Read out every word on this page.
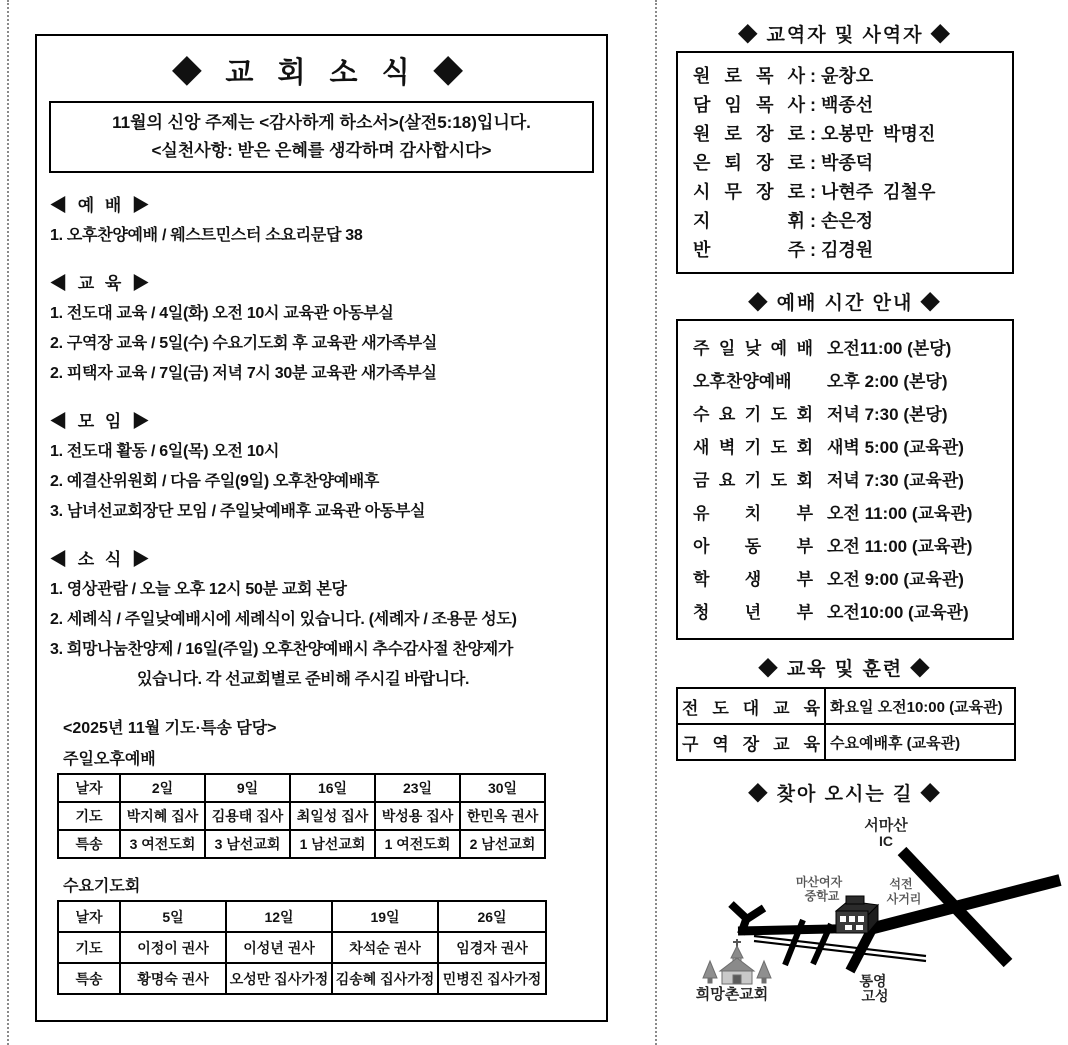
◆ 교 회 소 식 ◆
11월의 신앙 주제는 <감사하게 하소서>(살전5:18)입니다.
<실천사항: 받은 은혜를 생각하며 감사합시다>
◀ 예 배 ▶
1. 오후찬양예배 / 웨스트민스터 소요리문답 38
◀ 교 육 ▶
1. 전도대 교육 / 4일(화) 오전 10시 교육관 아동부실
2. 구역장 교육 / 5일(수) 수요기도회 후 교육관 새가족부실
2. 피택자 교육 / 7일(금) 저녁 7시 30분 교육관 새가족부실
◀ 모 임 ▶
1. 전도대 활동 / 6일(목) 오전 10시
2. 예결산위원회 / 다음 주일(9일) 오후찬양예배후
3. 남녀선교회장단 모임 / 주일낮예배후 교육관 아동부실
◀ 소 식 ▶
1. 영상관람 / 오늘 오후 12시 50분 교회 본당
2. 세례식 / 주일낮예배시에 세례식이 있습니다. (세례자 / 조용문 성도)
3. 희망나눔찬양제 / 16일(주일) 오후찬양예배시 추수감사절 찬양제가
있습니다. 각 선교회별로 준비해 주시길 바랍니다.
<2025년 11월 기도·특송 담당>
주일오후예배
날자	2일	9일	16일	23일	30일
기도	박지혜 집사	김용태 집사	최일성 집사	박성용 집사	한민옥 권사
특송	3 여전도회	3 남선교회	1 남선교회	1 여전도회	2 남선교회
수요기도회
날자	5일	12일	19일	26일
기도	이정이 권사	이성년 권사	차석순 권사	임경자 권사
특송	황명숙 권사	오성만 집사가정	김송혜 집사가정	민병진 집사가정
◆ 교역자 및 사역자 ◆
원 로 목 사 : 윤창오
담 임 목 사 : 백종선
원 로 장 로 : 오봉만  박명진
은 퇴 장 로 : 박종덕
시 무 장 로 : 나현주  김철우
지 휘 : 손은정
반 주 : 김경원
◆ 예배 시간 안내 ◆
주 일 낮 예 배 오전11:00 (본당)
오후찬양예배	오후 2:00 (본당)
수 요 기 도 회 저녁 7:30 (본당)
새 벽 기 도 회 새벽 5:00 (교육관)
금 요 기 도 회 저녁 7:30 (교육관)
유 치 부 오전 11:00 (교육관)
아 동 부 오전 11:00 (교육관)
학 생 부 오전 9:00 (교육관)
청 년 부 오전10:00 (교육관)
◆ 교육 및 훈련 ◆
전 도 대 교 육	화요일 오전10:00 (교육관)
구 역 장 교 육	수요예배후 (교육관)
◆ 찾아 오시는 길 ◆
서마산
IC
석전
사거리
마산여자
중학교
통영
고성
희망촌교회
